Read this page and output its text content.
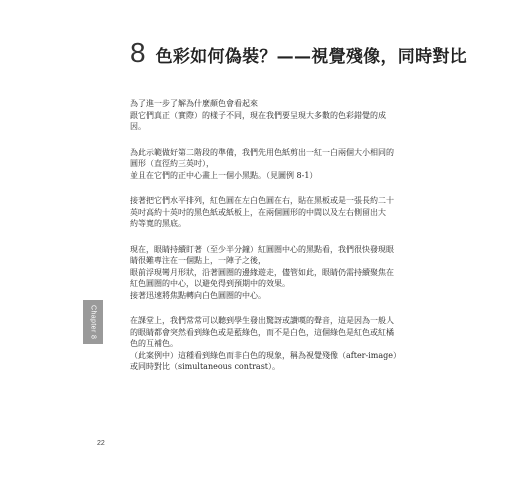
8 色彩如何偽裝？——視覺殘像，同時對比

為了進一步了解為什麼顏色會看起來
跟它們真正（實際）的樣子不同，現在我們要呈現大多數的色彩錯覺的成
因。

為此示範做好第二階段的準備，我們先用色紙剪出一紅一白兩個大小相同的
圓形（直徑約三英吋），
並且在它們的正中心畫上一個小黑點。（見圖例 8-1）

接著把它們水平排列，紅色圓在左白色圓在右，貼在黑板或是一張長約二十
英吋高約十英吋的黑色紙或紙板上，在兩個圓形的中間以及左右側留出大
約等寬的黑底。

現在，眼睛持續盯著（至少半分鐘）紅圓圈中心的黑點看，我們很快發現眼
睛很難專注在一個點上，一陣子之後，
眼前浮現彎月形狀，沿著圓圈的邊緣遊走，儘管如此，眼睛仍需持續聚焦在
紅色圓圈的中心，以避免得到預期中的效果。
接著迅速將焦點轉向白色圓圈的中心。

在課堂上，我們常常可以聽到學生發出驚訝或讚嘆的聲音，這是因為一般人
的眼睛都會突然看到綠色或是藍綠色，而不是白色，這個綠色是紅色或紅橘
色的互補色。
（此案例中）這種看到綠色而非白色的現象，稱為視覺殘像（after-image）
或同時對比（simultaneous contrast）。

Chapter 8
22
